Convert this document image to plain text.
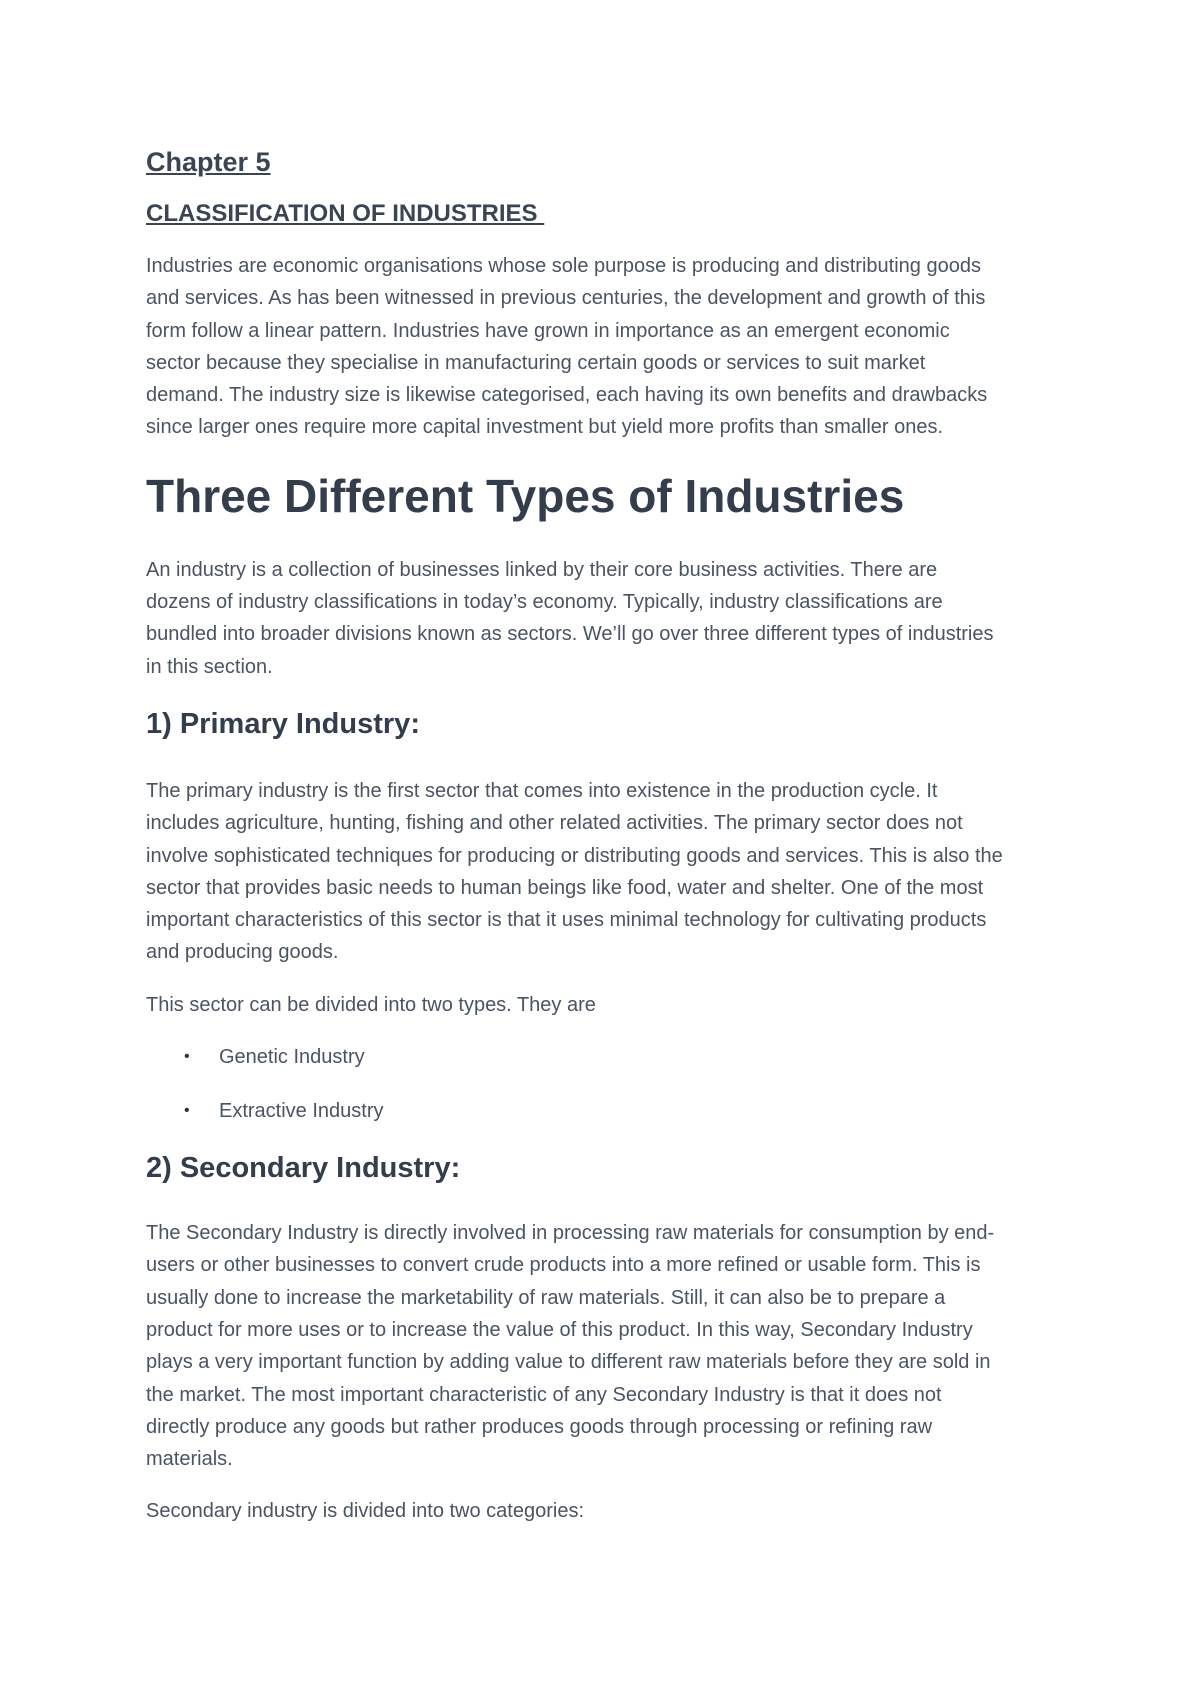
Chapter 5
CLASSIFICATION OF INDUSTRIES

Industries are economic organisations whose sole purpose is producing and distributing goods
and services. As has been witnessed in previous centuries, the development and growth of this
form follow a linear pattern. Industries have grown in importance as an emergent economic
sector because they specialise in manufacturing certain goods or services to suit market
demand. The industry size is likewise categorised, each having its own benefits and drawbacks
since larger ones require more capital investment but yield more profits than smaller ones.

Three Different Types of Industries

An industry is a collection of businesses linked by their core business activities. There are
dozens of industry classifications in today’s economy. Typically, industry classifications are
bundled into broader divisions known as sectors. We’ll go over three different types of industries
in this section.

1) Primary Industry:

The primary industry is the first sector that comes into existence in the production cycle. It
includes agriculture, hunting, fishing and other related activities. The primary sector does not
involve sophisticated techniques for producing or distributing goods and services. This is also the
sector that provides basic needs to human beings like food, water and shelter. One of the most
important characteristics of this sector is that it uses minimal technology for cultivating products
and producing goods.

This sector can be divided into two types. They are

• Genetic Industry
• Extractive Industry
2) Secondary Industry:

The Secondary Industry is directly involved in processing raw materials for consumption by end-
users or other businesses to convert crude products into a more refined or usable form. This is
usually done to increase the marketability of raw materials. Still, it can also be to prepare a
product for more uses or to increase the value of this product. In this way, Secondary Industry
plays a very important function by adding value to different raw materials before they are sold in
the market. The most important characteristic of any Secondary Industry is that it does not
directly produce any goods but rather produces goods through processing or refining raw
materials.

Secondary industry is divided into two categories:
